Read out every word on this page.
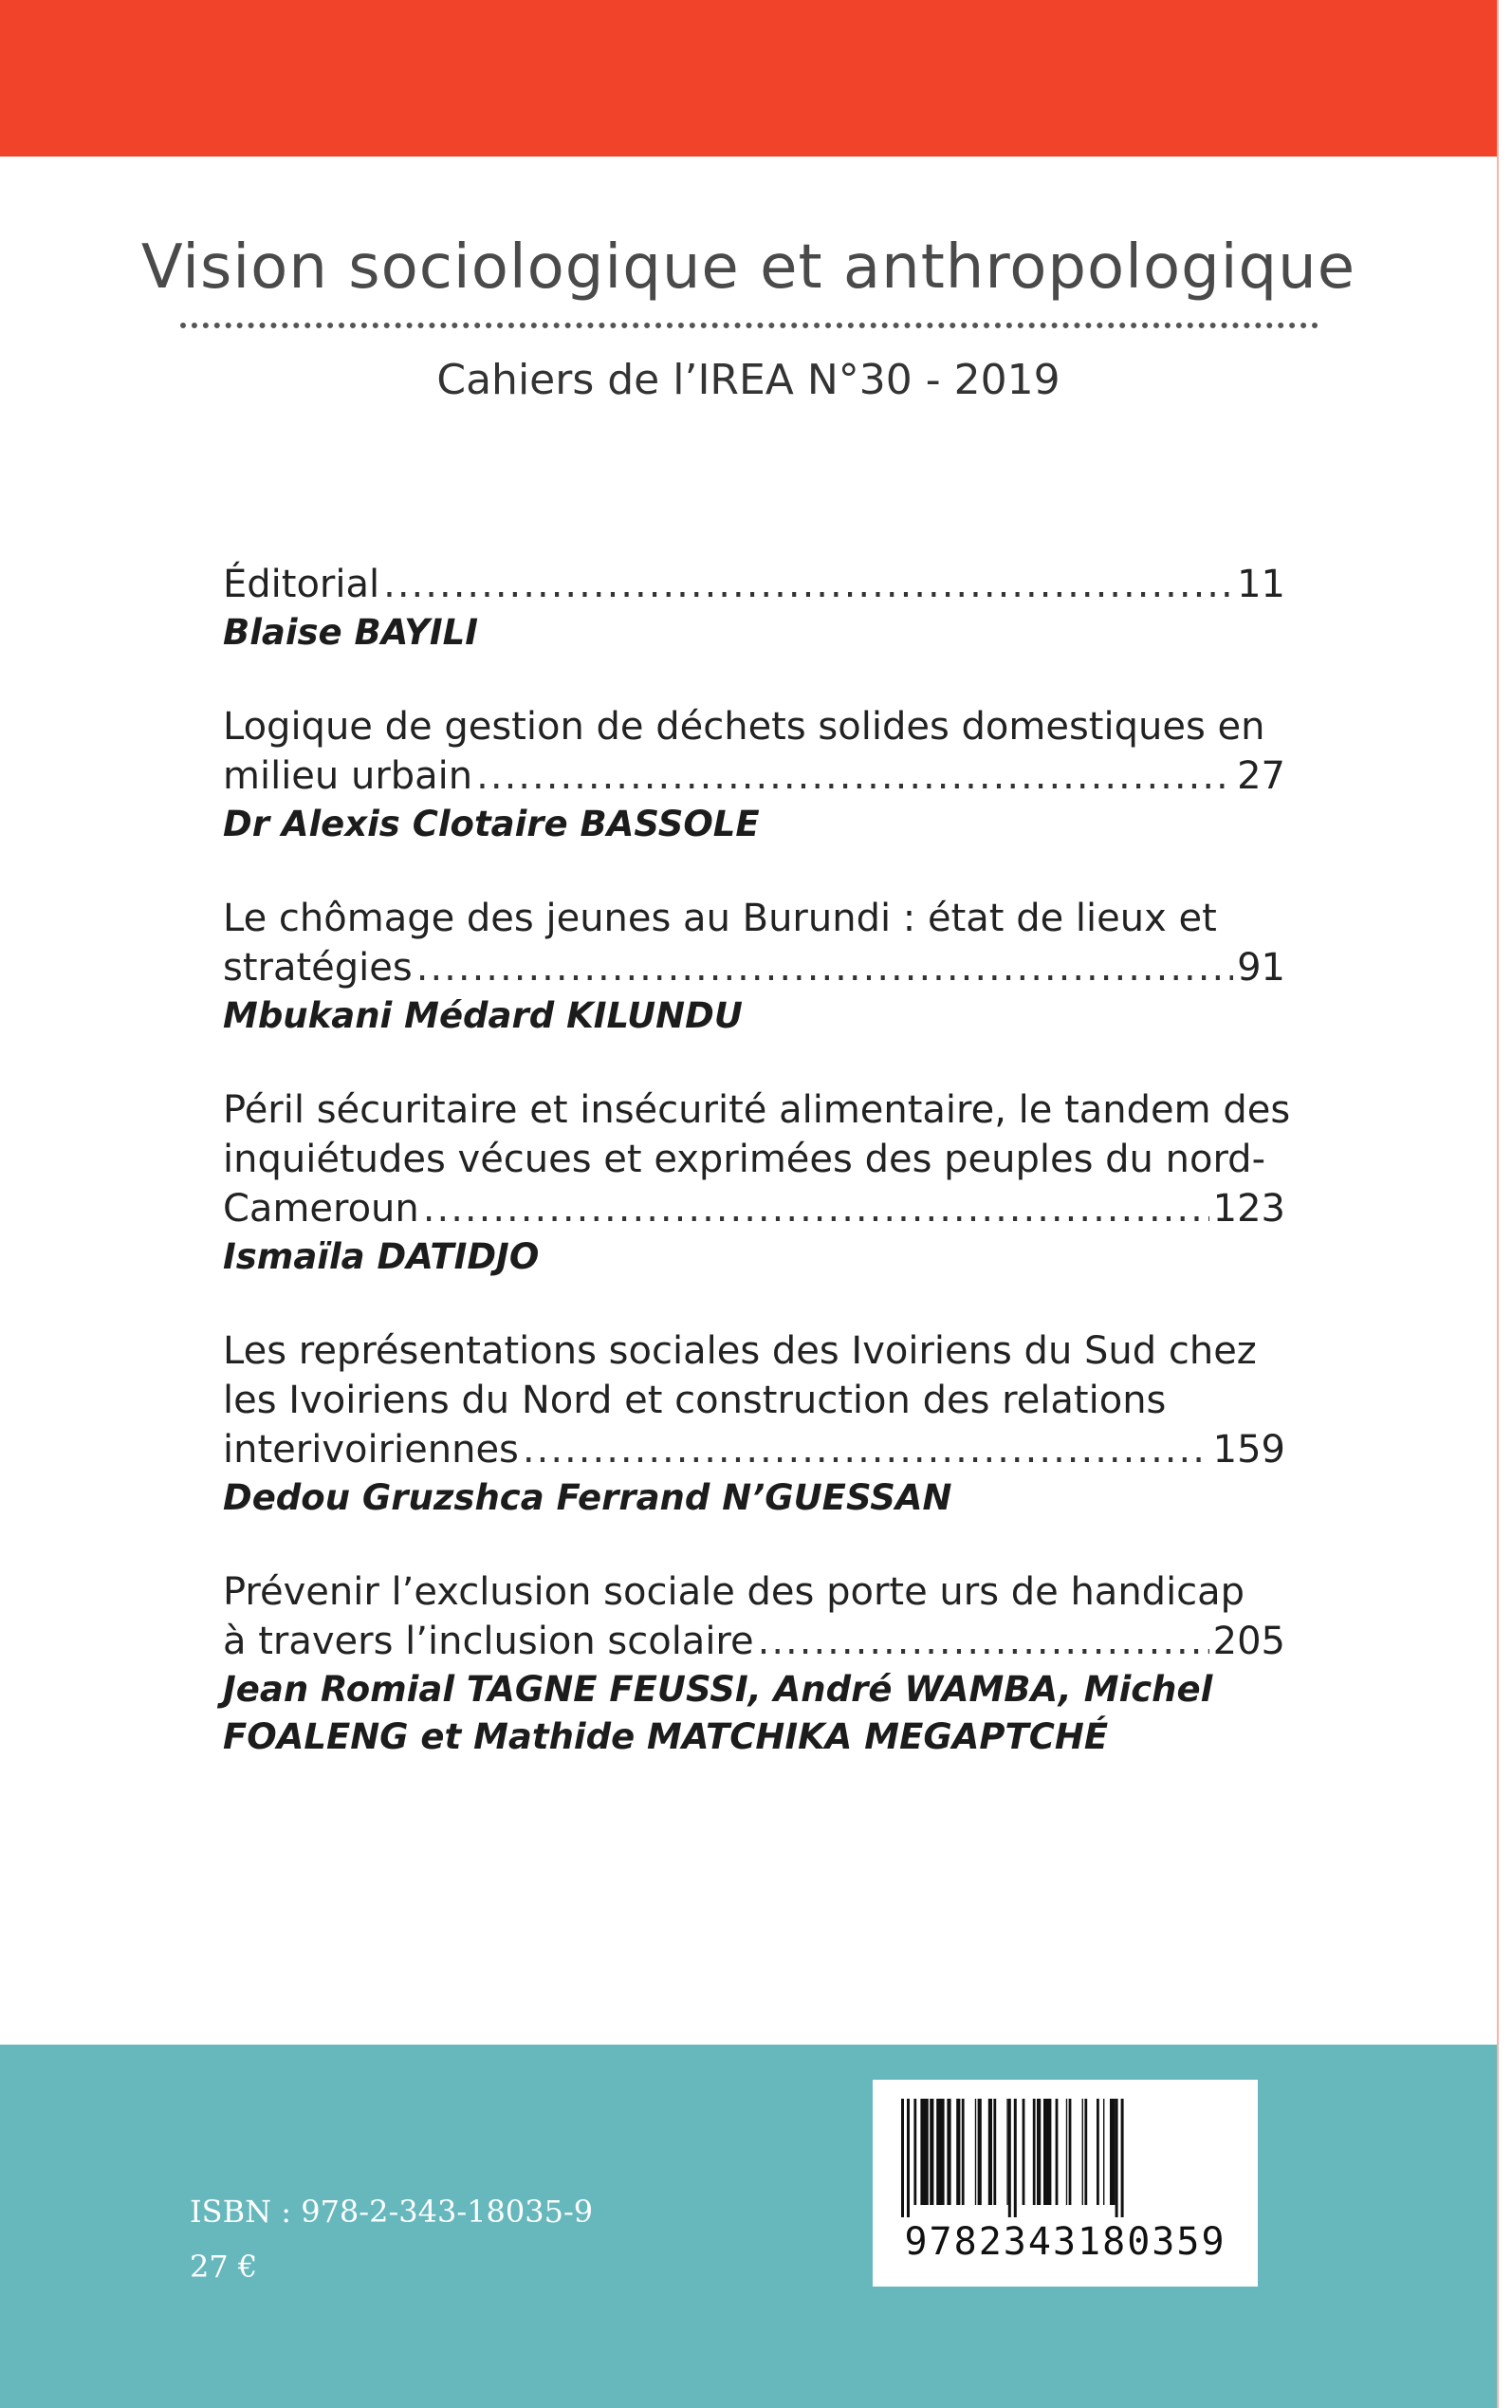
Vision sociologique et anthropologique

Cahiers de l’IREA N°30 - 2019

Éditorial .....	11
Blaise BAYILI
Logique de gestion de déchets solides domestiques en
milieu urbain .....	27
Dr Alexis Clotaire BASSOLE
Le chômage des jeunes au Burundi : état de lieux et
stratégies .....	91
Mbukani Médard KILUNDU
Péril sécuritaire et insécurité alimentaire, le tandem des
inquiétudes vécues et exprimées des peuples du nord-
Cameroun .....	123
Ismaïla DATIDJO
Les représentations sociales des Ivoiriens du Sud chez
les Ivoiriens du Nord et construction des relations
interivoiriennes .....	159
Dedou Gruzshca Ferrand N’GUESSAN
Prévenir l’exclusion sociale des porte urs de handicap
à travers l’inclusion scolaire .....	205
Jean Romial TAGNE FEUSSI, André WAMBA, Michel
FOALENG et Mathide MATCHIKA MEGAPTCHÉ
ISBN : 978-2-343-18035-9
27 €
9782343180359
